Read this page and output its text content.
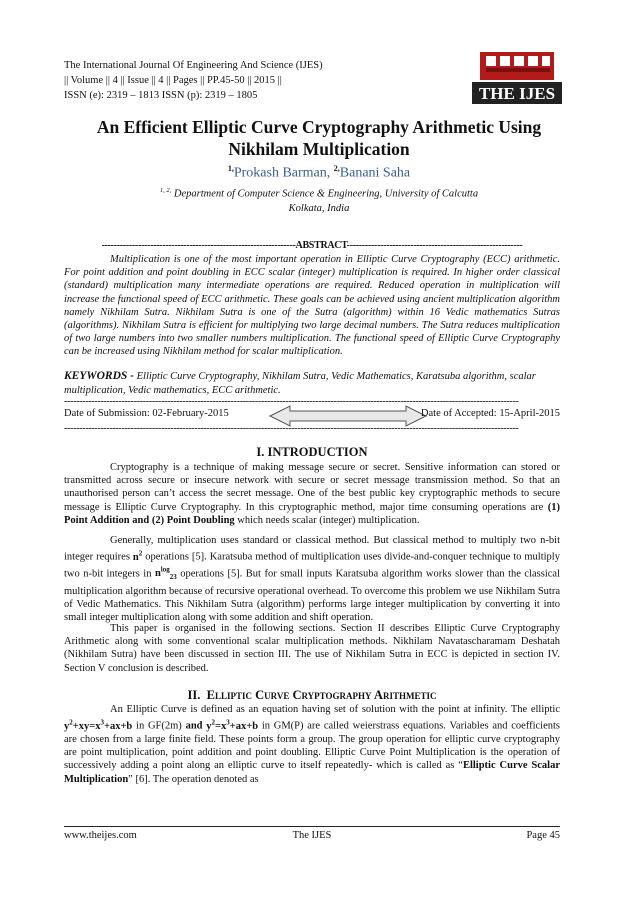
The International Journal Of Engineering And Science (IJES)
|| Volume || 4 || Issue || 4 || Pages || PP.45-50 || 2015 ||
ISSN (e): 2319 – 1813 ISSN (p): 2319 – 1805	THE IJES
An Efficient Elliptic Curve Cryptography Arithmetic Using
Nikhilam Multiplication
$^{1,}$Prokash Barman, $^{2,}$Banani Saha
$^{1, 2,}$ Department of Computer Science & Engineering, University of Calcutta
Kolkata, India
----------------------------------------------------------------ABSTRACT----------------------------------------------------------
Multiplication is one of the most important operation in Elliptic Curve Cryptography (ECC) arithmetic. For point addition and point doubling in ECC scalar (integer) multiplication is required. In higher order classical (standard) multiplication many intermediate operations are required. Reduced operation in multiplication will increase the functional speed of ECC arithmetic. These goals can be achieved using ancient multiplication algorithm namely Nikhilam Sutra. Nikhilam Sutra is one of the Sutra (algorithm) within 16 Vedic mathematics Sutras (algorithms). Nikhilam Sutra is efficient for multiplying two large decimal numbers. The Sutra reduces multiplication of two large numbers into two smaller numbers multiplication. The functional speed of Elliptic Curve Cryptography can be increased using Nikhilam method for scalar multiplication.
KEYWORDS - Elliptic Curve Cryptography, Nikhilam Sutra, Vedic Mathematics, Karatsuba algorithm, scalar multiplication, Vedic mathematics, ECC arithmetic.
------------------------------------------------------------------------------------------------------------------------------------------------------
Date of Submission: 02-February-2015	Date of Accepted: 15-April-2015
------------------------------------------------------------------------------------------------------------------------------------------------------
I. INTRODUCTION
Cryptography is a technique of making message secure or secret. Sensitive information can stored or transmitted across secure or insecure network with secure or secret message transmission method. So that an unauthorised person can’t access the secret message. One of the best public key cryptographic methods to secure message is Elliptic Curve Cryptography. In this cryptographic method, major time consuming operations are (1) Point Addition and (2) Point Doubling which needs scalar (integer) multiplication.
Generally, multiplication uses standard or classical method. But classical method to multiply two n-bit integer requires $n^2$ operations [5]. Karatsuba method of multiplication uses divide-and-conquer technique to multiply two n-bit integers in $n^{log}_{23}$ operations [5]. But for small inputs Karatsuba algorithm works slower than the classical multiplication algorithm because of recursive operational overhead. To overcome this problem we use Nikhilam Sutra of Vedic Mathematics. This Nikhilam Sutra (algorithm) performs large integer multiplication by converting it into small integer multiplication along with some addition and shift operation.
This paper is organised in the following sections. Section II describes Elliptic Curve Cryptography Arithmetic along with some conventional scalar multiplication methods. Nikhilam Navatascharamam Deshatah (Nikhilam Sutra) have been discussed in section III. The use of Nikhilam Sutra in ECC is depicted in section IV. Section V conclusion is described.
II. Elliptic Curve Cryptography Arithmetic
An Elliptic Curve is defined as an equation having set of solution with the point at infinity. The elliptic $y^2+xy=x^3+ax+b$ in GF(2m) and $y^2=x^3+ax+b$ in GM(P) are called weierstrass equations. Variables and coefficients are chosen from a large finite field. These points form a group. The group operation for elliptic curve cryptography are point multiplication, point addition and point doubling. Elliptic Curve Point Multiplication is the operation of successively adding a point along an elliptic curve to itself repeatedly- which is called as “Elliptic Curve Scalar Multiplication” [6]. The operation denoted as
www.theijes.com	The IJES	Page 45
